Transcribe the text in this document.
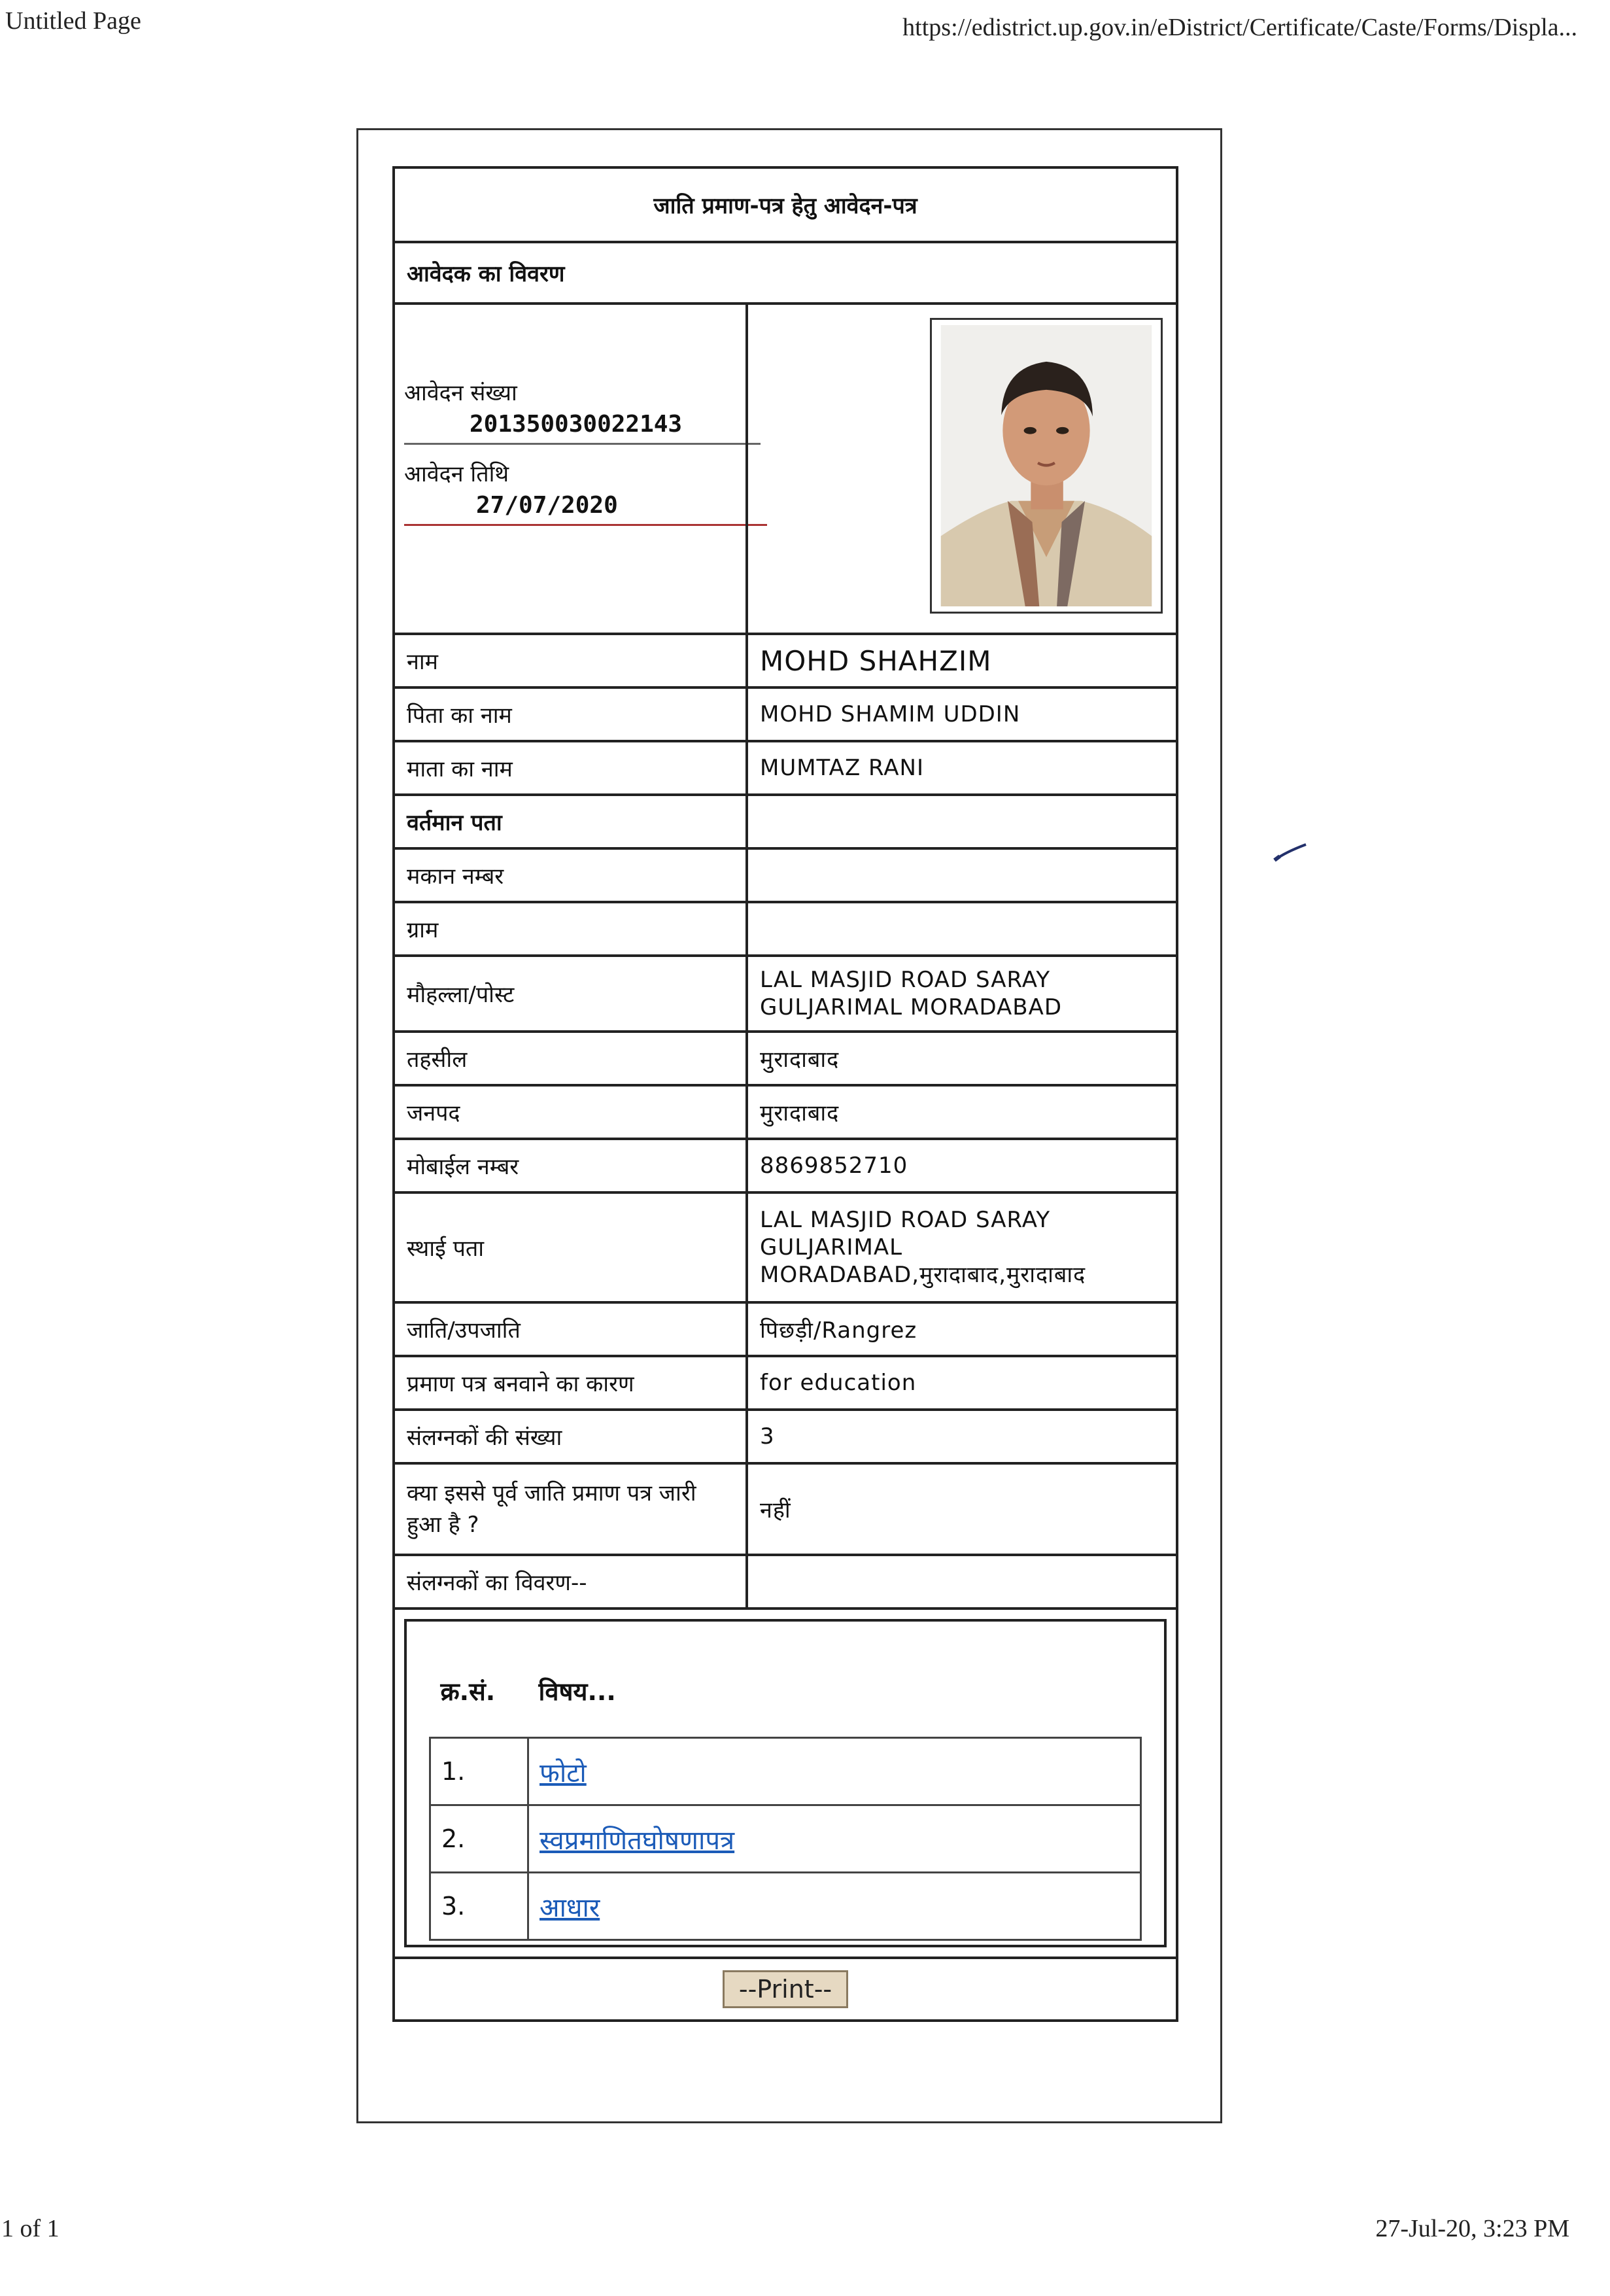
Untitled Page	https://edistrict.up.gov.in/eDistrict/Certificate/Caste/Forms/Displa...
जाति प्रमाण-पत्र हेतु आवेदन-पत्र
आवेदक का विवरण

आवेदन संख्या
201350030022143
आवेदन तिथि
27/07/2020

नाम	MOHD SHAHZIM
पिता का नाम	MOHD SHAMIM UDDIN
माता का नाम	MUMTAZ RANI
वर्तमान पता	
मकान नम्बर	
ग्राम	
मौहल्ला/पोस्ट	LAL MASJID ROAD SARAY GULJARIMAL MORADABAD
तहसील	मुरादाबाद
जनपद	मुरादाबाद
मोबाईल नम्बर	8869852710
स्थाई पता	LAL MASJID ROAD SARAY GULJARIMAL MORADABAD,मुरादाबाद,मुरादाबाद
जाति/उपजाति	पिछड़ी/Rangrez
प्रमाण पत्र बनवाने का कारण	for education
संलग्नकों की संख्या	3
क्या इससे पूर्व जाति प्रमाण पत्र जारी हुआ है ?	नहीं
संलग्नकों का विवरण--	

क्र.सं.	विषय...
1.	फोटो
2.	स्वप्रमाणितघोषणापत्र
3.	आधार

--Print--
1 of 1	27-Jul-20, 3:23 PM
